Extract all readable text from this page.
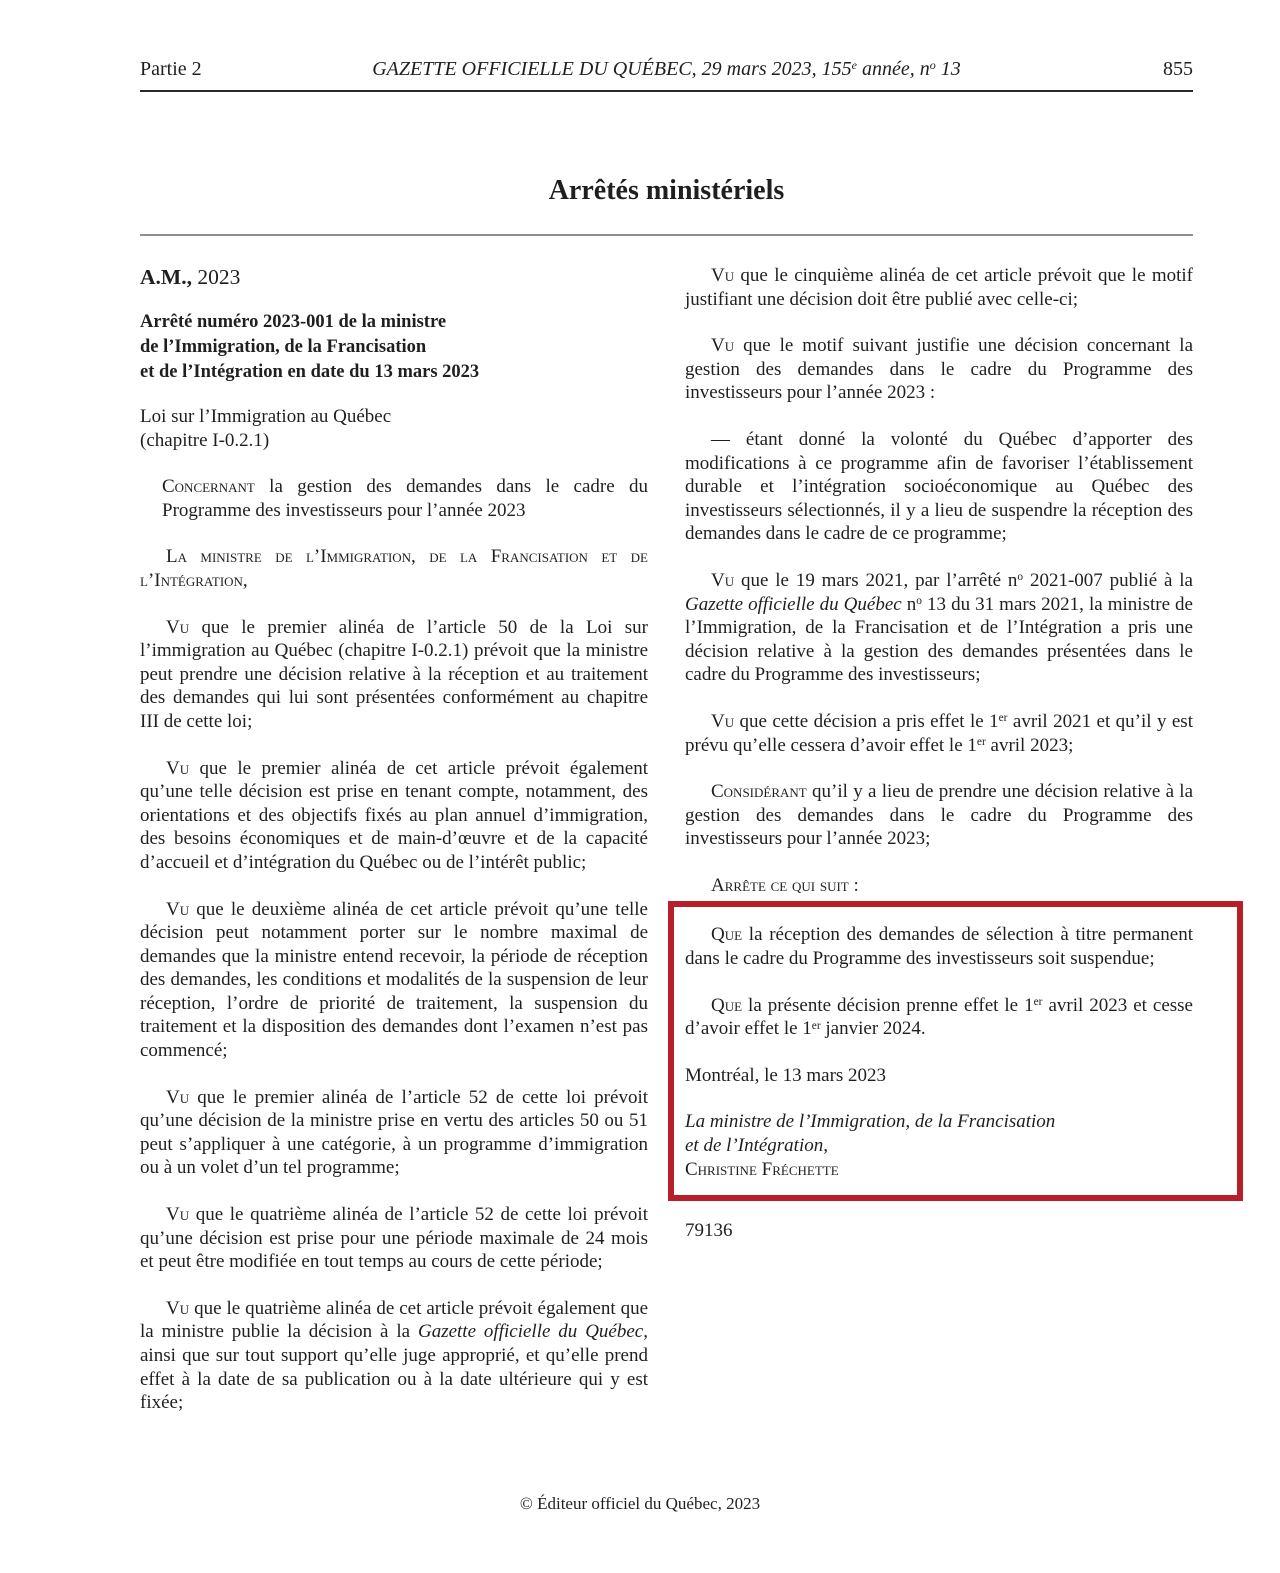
Partie 2	GAZETTE OFFICIELLE DU QUÉBEC, 29 mars 2023, 155e année, $n^o$ 13	855
Arrêtés ministériels

A.M., 2023

Arrêté numéro 2023-001 de la ministre
de l’Immigration, de la Francisation
et de l’Intégration en date du 13 mars 2023

Loi sur l’Immigration au Québec
(chapitre I-0.2.1)

Concernant la gestion des demandes dans le cadre du Programme des investisseurs pour l’année 2023

La ministre de l’Immigration, de la Francisation et de l’Intégration,

Vu que le premier alinéa de l’article 50 de la Loi sur l’immigration au Québec (chapitre I-0.2.1) prévoit que la ministre peut prendre une décision relative à la réception et au traitement des demandes qui lui sont présentées conformément au chapitre III de cette loi;

Vu que le premier alinéa de cet article prévoit également qu’une telle décision est prise en tenant compte, notamment, des orientations et des objectifs fixés au plan annuel d’immigration, des besoins économiques et de main-d’œuvre et de la capacité d’accueil et d’intégration du Québec ou de l’intérêt public;

Vu que le deuxième alinéa de cet article prévoit qu’une telle décision peut notamment porter sur le nombre maximal de demandes que la ministre entend recevoir, la période de réception des demandes, les conditions et modalités de la suspension de leur réception, l’ordre de priorité de traitement, la suspension du traitement et la disposition des demandes dont l’examen n’est pas commencé;

Vu que le premier alinéa de l’article 52 de cette loi prévoit qu’une décision de la ministre prise en vertu des articles 50 ou 51 peut s’appliquer à une catégorie, à un programme d’immigration ou à un volet d’un tel programme;

Vu que le quatrième alinéa de l’article 52 de cette loi prévoit qu’une décision est prise pour une période maximale de 24 mois et peut être modifiée en tout temps au cours de cette période;

Vu que le quatrième alinéa de cet article prévoit également que la ministre publie la décision à la Gazette officielle du Québec, ainsi que sur tout support qu’elle juge approprié, et qu’elle prend effet à la date de sa publication ou à la date ultérieure qui y est fixée;

Vu que le cinquième alinéa de cet article prévoit que le motif justifiant une décision doit être publié avec celle-ci;

Vu que le motif suivant justifie une décision concernant la gestion des demandes dans le cadre du Programme des investisseurs pour l’année 2023 :

— étant donné la volonté du Québec d’apporter des modifications à ce programme afin de favoriser l’établissement durable et l’intégration socioéconomique au Québec des investisseurs sélectionnés, il y a lieu de suspendre la réception des demandes dans le cadre de ce programme;

Vu que le 19 mars 2021, par l’arrêté $n^o$ 2021-007 publié à la Gazette officielle du Québec $n^o$ 13 du 31 mars 2021, la ministre de l’Immigration, de la Francisation et de l’Intégration a pris une décision relative à la gestion des demandes présentées dans le cadre du Programme des investisseurs;

Vu que cette décision a pris effet le 1er avril 2021 et qu’il y est prévu qu’elle cessera d’avoir effet le 1er avril 2023;

Considérant qu’il y a lieu de prendre une décision relative à la gestion des demandes dans le cadre du Programme des investisseurs pour l’année 2023;

Arrête ce qui suit :

Que la réception des demandes de sélection à titre permanent dans le cadre du Programme des investisseurs soit suspendue;

Que la présente décision prenne effet le 1er avril 2023 et cesse d’avoir effet le 1er janvier 2024.

Montréal, le 13 mars 2023

La ministre de l’Immigration, de la Francisation
et de l’Intégration,
Christine Fréchette

79136

© Éditeur officiel du Québec, 2023
